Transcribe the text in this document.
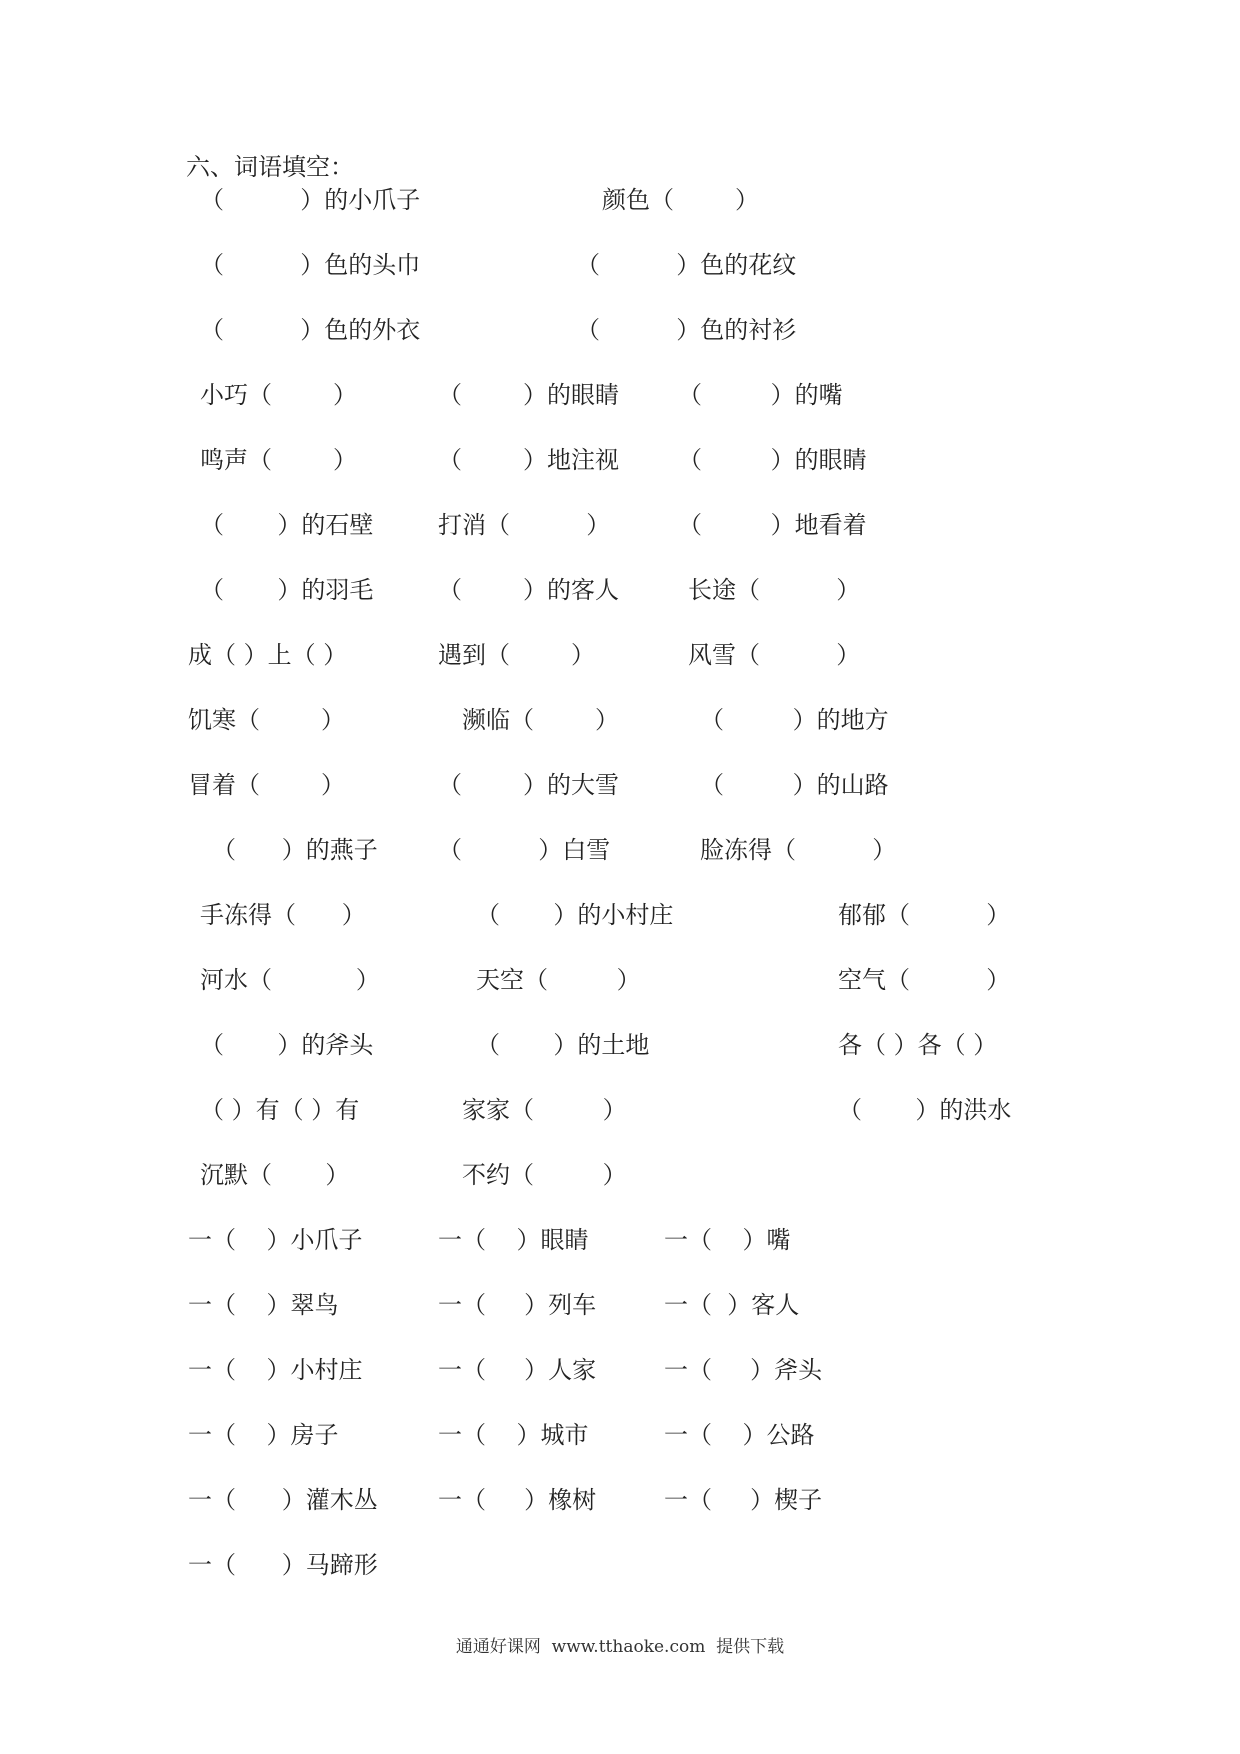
六、词语填空：
（          ）的小爪子	颜色（        ）
（          ）色的头巾	（          ）色的花纹
（          ）色的外衣	（          ）色的衬衫
小巧（        ）	（        ）的眼睛 （         ）的嘴
鸣声（        ）	（        ）地注视 （         ）的眼睛
（       ）的石壁	打消（          ）	（         ）地看着
（       ）的羽毛	（        ）的客人	长途（          ）
成（ ）上（ ）	遇到（        ）	风雪（          ）
饥寒（        ）	濒临（        ）	（         ）的地方
冒着（        ）	（        ）的大雪	（         ）的山路
（      ）的燕子	（          ）白雪	脸冻得（          ）
手冻得（      ）	（       ）的小村庄	郁郁（          ）
河水（           ）	天空（         ）	空气（          ）
（       ）的斧头	（       ）的土地	各（ ）各（ ）
（ ）有（ ）有	家家（         ）	（       ）的洪水
沉默（       ）	不约（         ）
一（    ）小爪子	一（    ）眼睛	一（    ）嘴
一（    ）翠鸟	一（     ）列车	一（  ）客人
一（    ）小村庄	一（     ）人家	一（     ）斧头
一（    ）房子	一（    ）城市	一（    ）公路
一（      ）灌木丛	一（     ）橡树	一（     ）楔子
一（      ）马蹄形
通通好课网  www.tthaoke.com  提供下载
